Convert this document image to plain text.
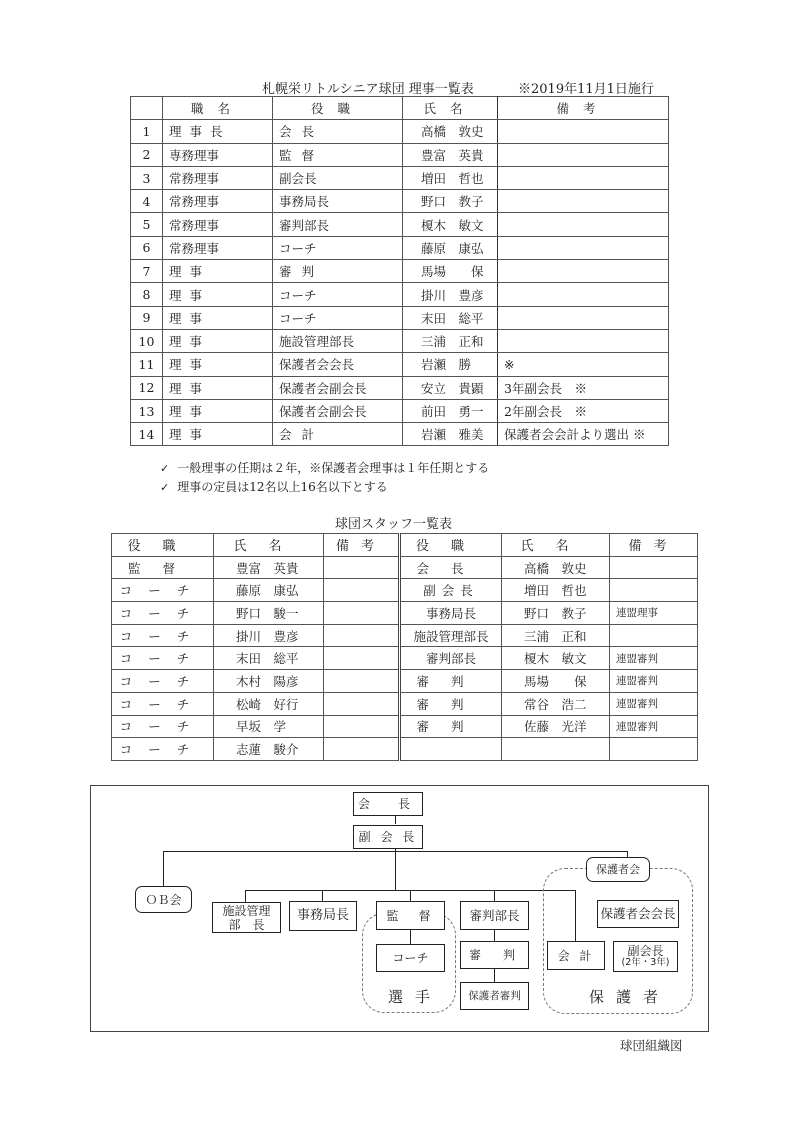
札幌栄リトルシニア球団 理事一覧表	※2019年11月1日施行
	職名	役職	氏名	備考
1	理事長	会長	高橋　敦史	
2	専務理事	監督	豊富　英貴	
3	常務理事	副会長	増田　哲也	
4	常務理事	事務局長	野口　教子	
5	常務理事	審判部長	榎木　敏文	
6	常務理事	コーチ	藤原　康弘	
7	理事	審判	馬場　　保	
8	理事	コーチ	掛川　豊彦	
9	理事	コーチ	末田　総平	
10	理事	施設管理部長	三浦　正和	
11	理事	保護者会会長	岩瀬　勝	※
12	理事	保護者会副会長	安立　貴顕	3年副会長　※
13	理事	保護者会副会長	前田　勇一	2年副会長　※
14	理事	会計	岩瀬　雅美	保護者会会計より選出 ※
✓ 一般理事の任期は２年，※保護者会理事は１年任期とする
✓ 理事の定員は12名以上16名以下とする
球団スタッフ一覧表
役職	氏名	備考	役職	氏名	備考
監督	豊富　英貴		会長	高橋　敦史	
コーチ	藤原　康弘		副会長	増田　哲也	
コーチ	野口　駿一		事務局長	野口　教子	連盟理事
コーチ	掛川　豊彦		施設管理部長	三浦　正和	
コーチ	末田　総平		審判部長	榎木　敏文	連盟審判
コーチ	木村　陽彦		審判	馬場　　保	連盟審判
コーチ	松崎　好行		審判	常谷　浩二	連盟審判
コーチ	早坂　学		審判	佐藤　光洋	連盟審判
コーチ	志蓮　駿介				
選手	保護者
会　長
副 会 長
ＯＢ会
施設管理
部　長
事務局長	監　督
コーチ
審判部長
審　判
保護者審判
保護者会
保護者会会長
会 計	副会長
(2年・3年)
球団組織図
